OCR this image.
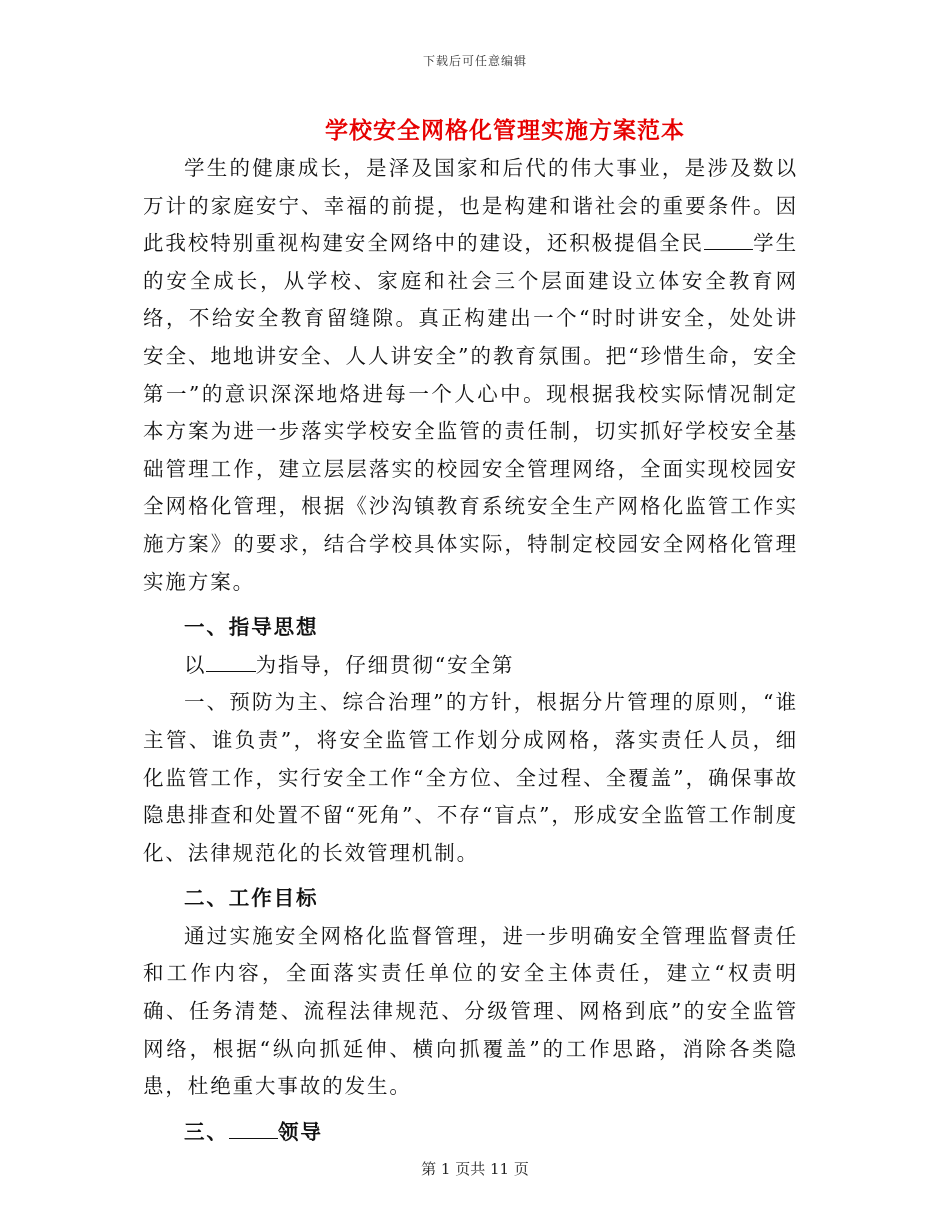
下载后可任意编辑
学校安全网格化管理实施方案范本

学生的健康成长，是泽及国家和后代的伟大事业，是涉及数以万计的家庭安宁、幸福的前提，也是构建和谐社会的重要条件。因此我校特别重视构建安全网络中的建设，还积极提倡全民 学生的安全成长，从学校、家庭和社会三个层面建设立体安全教育网络，不给安全教育留缝隙。真正构建出一个“时时讲安全，处处讲安全、地地讲安全、人人讲安全”的教育氛围。把“珍惜生命，安全第一”的意识深深地烙进每一个人心中。现根据我校实际情况制定本方案为进一步落实学校安全监管的责任制，切实抓好学校安全基础管理工作，建立层层落实的校园安全管理网络，全面实现校园安全网格化管理，根据《沙沟镇教育系统安全生产网格化监管工作实施方案》的要求，结合学校具体实际，特制定校园安全网格化管理实施方案。

一、指导思想

以 为指导，仔细贯彻“安全第

一、预防为主、综合治理”的方针，根据分片管理的原则，“谁主管、谁负责”，将安全监管工作划分成网格，落实责任人员，细化监管工作，实行安全工作“全方位、全过程、全覆盖”，确保事故隐患排查和处置不留“死角”、不存“盲点”，形成安全监管工作制度化、法律规范化的长效管理机制。

二、工作目标

通过实施安全网格化监督管理，进一步明确安全管理监督责任和工作内容，全面落实责任单位的安全主体责任，建立“权责明确、任务清楚、流程法律规范、分级管理、网格到底”的安全监管网络，根据“纵向抓延伸、横向抓覆盖”的工作思路，消除各类隐患，杜绝重大事故的发生。

三、 领导

第 1 页共 11 页
